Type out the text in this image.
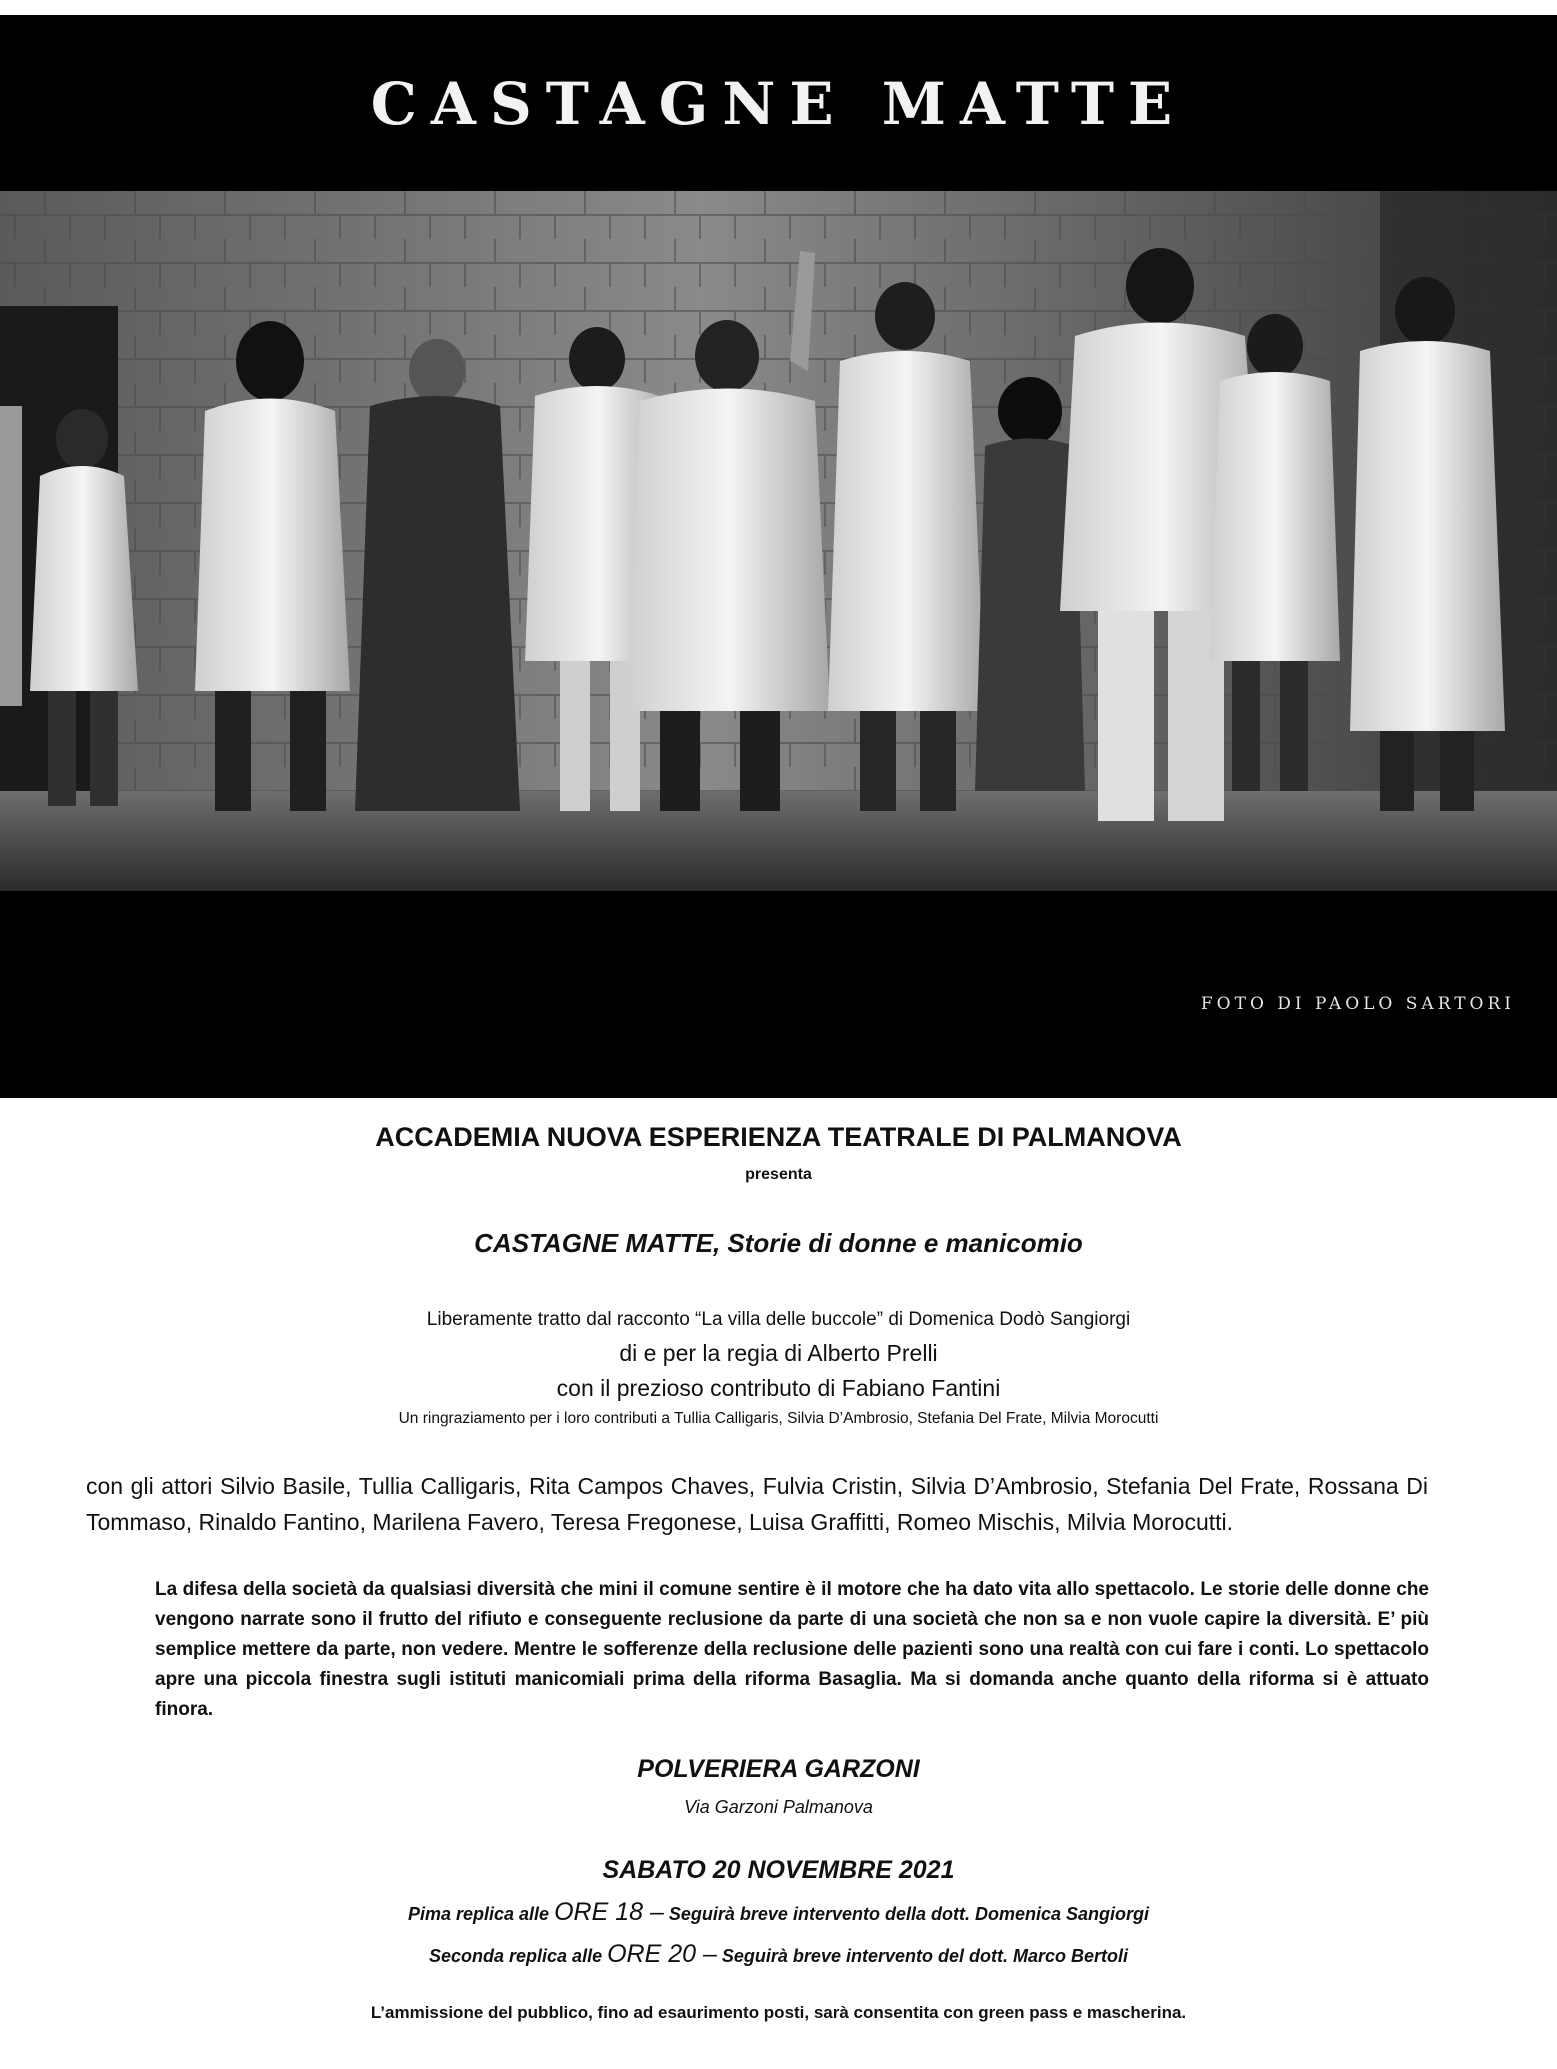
CASTAGNE MATTE
FOTO DI PAOLO SARTORI
ACCADEMIA NUOVA ESPERIENZA TEATRALE DI PALMANOVA
presenta
CASTAGNE MATTE, Storie di donne e manicomio
Liberamente tratto dal racconto “La villa delle buccole” di Domenica Dodò Sangiorgi
di e per la regia di Alberto Prelli
con il prezioso contributo di Fabiano Fantini
Un ringraziamento per i loro contributi a Tullia Calligaris, Silvia D’Ambrosio, Stefania Del Frate, Milvia Morocutti
con gli attori Silvio Basile, Tullia Calligaris, Rita Campos Chaves, Fulvia Cristin, Silvia D’Ambrosio, Stefania Del Frate, Rossana Di Tommaso, Rinaldo Fantino, Marilena Favero, Teresa Fregonese, Luisa Graffitti, Romeo Mischis, Milvia Morocutti.
La difesa della società da qualsiasi diversità che mini il comune sentire è il motore che ha dato vita allo spettacolo. Le storie delle donne che vengono narrate sono il frutto del rifiuto e conseguente reclusione da parte di una società che non sa e non vuole capire la diversità. E’ più semplice mettere da parte, non vedere. Mentre le sofferenze della reclusione delle pazienti sono una realtà con cui fare i conti. Lo spettacolo apre una piccola finestra sugli istituti manicomiali prima della riforma Basaglia. Ma si domanda anche quanto della riforma si è attuato finora.
POLVERIERA GARZONI
Via Garzoni Palmanova
SABATO 20 NOVEMBRE 2021
Pima replica alle ORE 18 – Seguirà breve intervento della dott. Domenica Sangiorgi
Seconda replica alle ORE 20 – Seguirà breve intervento del dott. Marco Bertoli
L’ammissione del pubblico, fino ad esaurimento posti, sarà consentita con green pass e mascherina.
